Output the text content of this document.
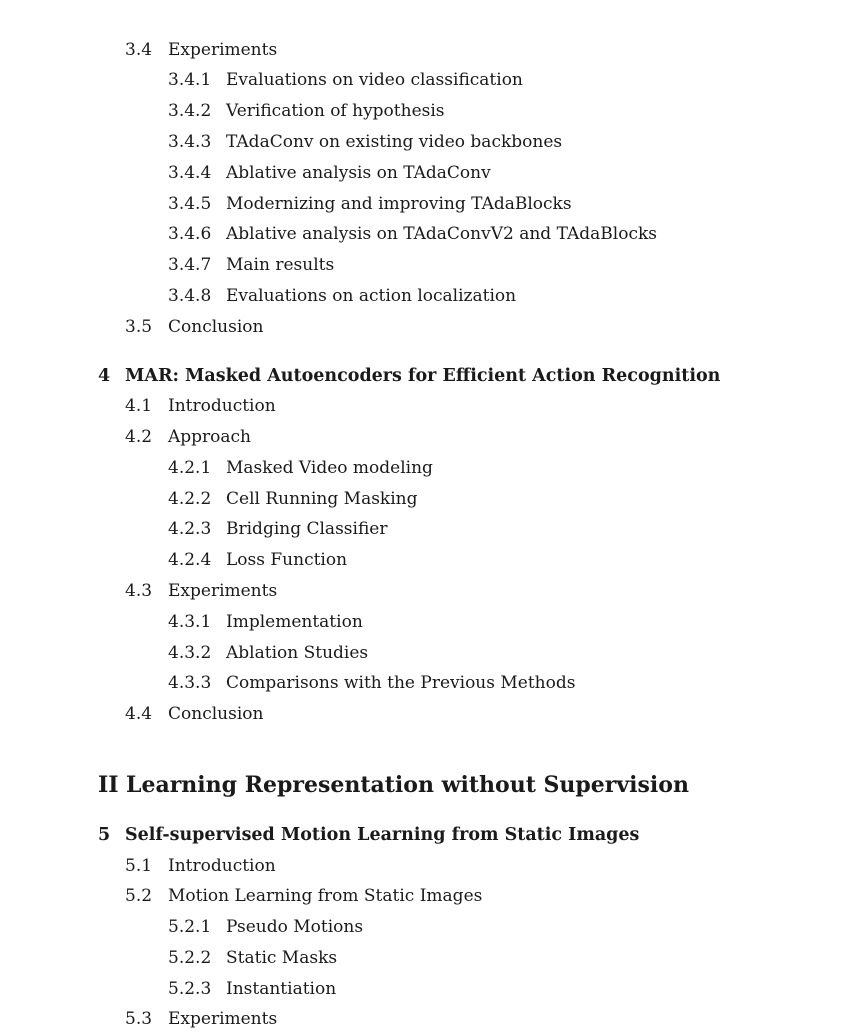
3.4 Experiments
3.4.1 Evaluations on video classification
3.4.2 Verification of hypothesis
3.4.3 TAdaConv on existing video backbones
3.4.4 Ablative analysis on TAdaConv
3.4.5 Modernizing and improving TAdaBlocks
3.4.6 Ablative analysis on TAdaConvV2 and TAdaBlocks
3.4.7 Main results
3.4.8 Evaluations on action localization
3.5 Conclusion
4 MAR: Masked Autoencoders for Efficient Action Recognition
4.1 Introduction
4.2 Approach
4.2.1 Masked Video modeling
4.2.2 Cell Running Masking
4.2.3 Bridging Classifier
4.2.4 Loss Function
4.3 Experiments
4.3.1 Implementation
4.3.2 Ablation Studies
4.3.3 Comparisons with the Previous Methods
4.4 Conclusion
II Learning Representation without Supervision
5 Self-supervised Motion Learning from Static Images
5.1 Introduction
5.2 Motion Learning from Static Images
5.2.1 Pseudo Motions
5.2.2 Static Masks
5.2.3 Instantiation
5.3 Experiments
